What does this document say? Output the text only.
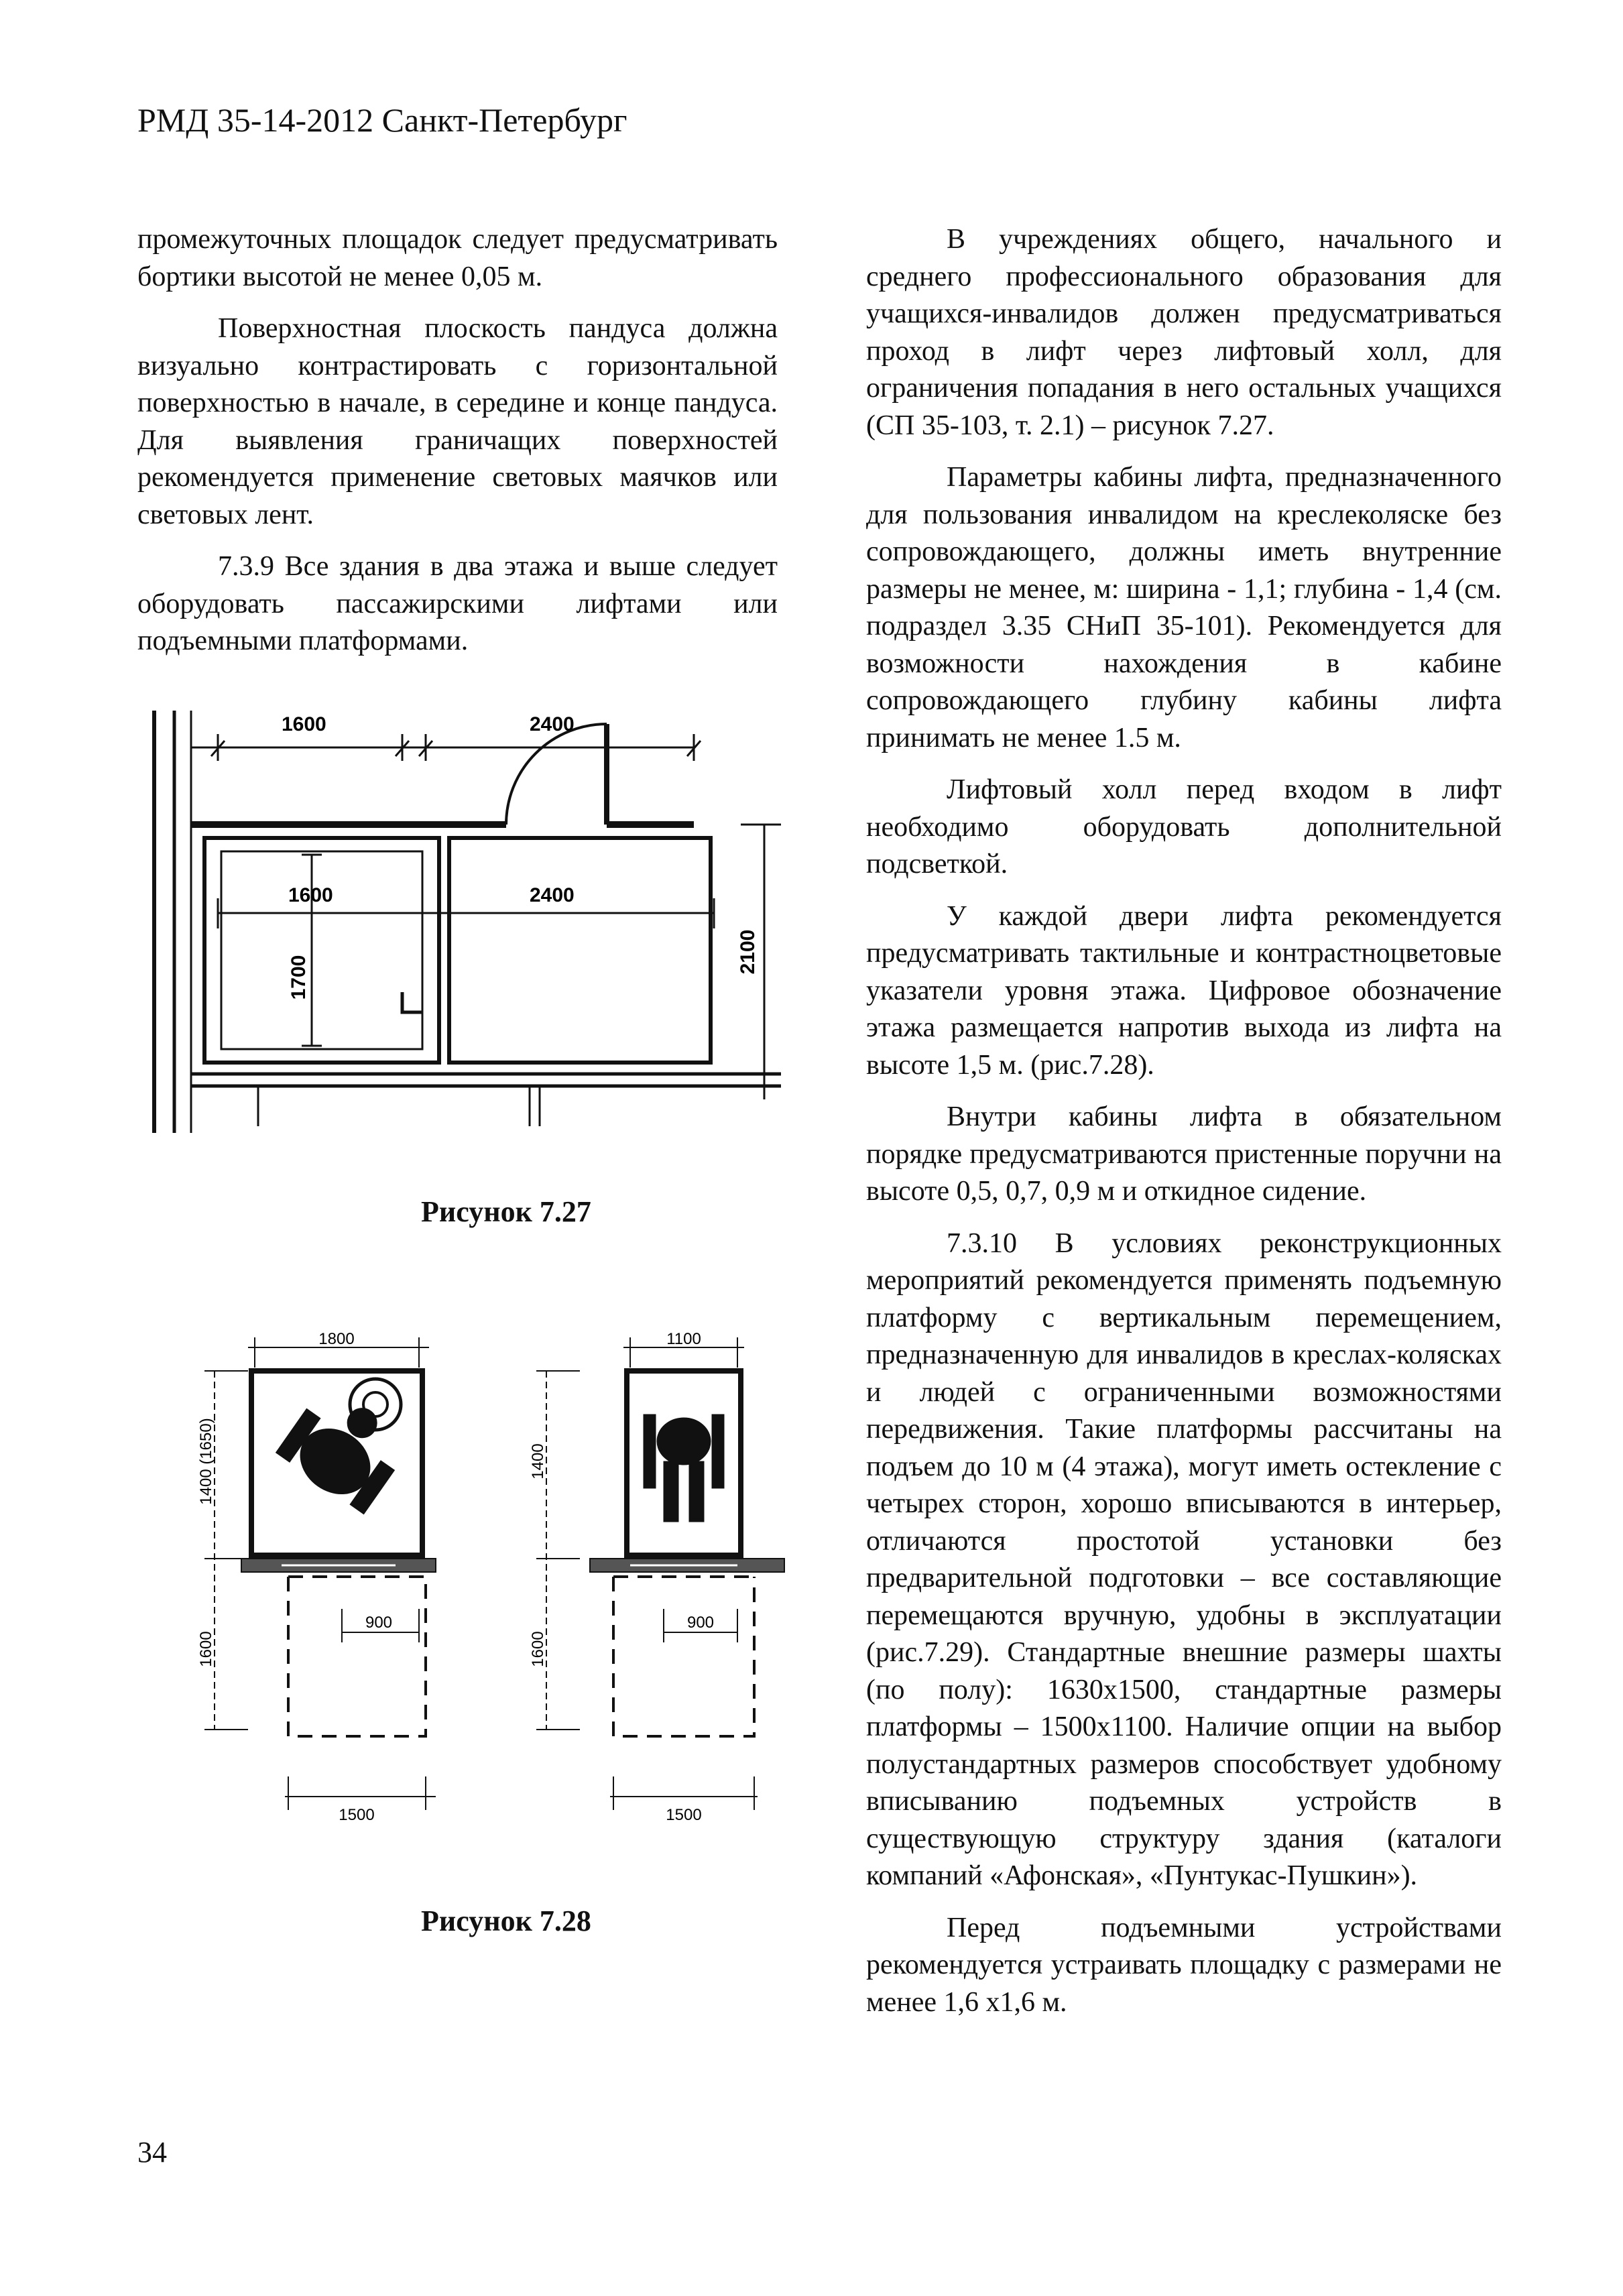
РМД 35-14-2012 Санкт-Петербург

промежуточных площадок следует предусматривать бортики высотой не менее 0,05 м.

Поверхностная плоскость пандуса должна визуально контрастировать с горизонтальной поверхностью в начале, в середине и конце пандуса. Для выявления граничащих поверхностей рекомендуется применение световых маячков или световых лент.

7.3.9 Все здания в два этажа и выше следует оборудовать пассажирскими лифтами или подъемными платформами.

1600	2400
1600	2400
1700
2100
Рисунок 7.27
1800
1400 (1650)
900
1600
1500
1100
1400
900
1600
1500
Рисунок 7.28

В учреждениях общего, начального и среднего профессионального образования для учащихся-инвалидов должен предусматриваться проход в лифт через лифтовый холл, для ограничения попадания в него остальных учащихся (СП 35-103, т. 2.1) – рисунок 7.27.

Параметры кабины лифта, предназначенного для пользования инвалидом на креслеколяске без сопровождающего, должны иметь внутренние размеры не менее, м: ширина - 1,1; глубина - 1,4 (см. подраздел 3.35 СНиП 35-101). Рекомендуется для возможности нахождения в кабине сопровождающего глубину кабины лифта принимать не менее 1.5 м.

Лифтовый холл перед входом в лифт необходимо оборудовать дополнительной подсветкой.

У каждой двери лифта рекомендуется предусматривать тактильные и контрастноцветовые указатели уровня этажа. Цифровое обозначение этажа размещается напротив выхода из лифта на высоте 1,5 м. (рис.7.28).

Внутри кабины лифта в обязательном порядке предусматриваются пристенные поручни на высоте 0,5, 0,7, 0,9 м и откидное сидение.

7.3.10 В условиях реконструкционных мероприятий рекомендуется применять подъемную платформу с вертикальным перемещением, предназначенную для инвалидов в креслах-колясках и людей с ограниченными возможностями передвижения. Такие платформы рассчитаны на подъем до 10 м (4 этажа), могут иметь остекление с четырех сторон, хорошо вписываются в интерьер, отличаются простотой установки без предварительной подготовки – все составляющие перемещаются вручную, удобны в эксплуатации (рис.7.29). Стандартные внешние размеры шахты (по полу): 1630х1500, стандартные размеры платформы – 1500х1100. Наличие опции на выбор полустандартных размеров способствует удобному вписыванию подъемных устройств в существующую структуру здания (каталоги компаний «Афонская», «Пунтукас-Пушкин»).

Перед подъемными устройствами рекомендуется устраивать площадку с размерами не менее 1,6 х1,6 м.

34
